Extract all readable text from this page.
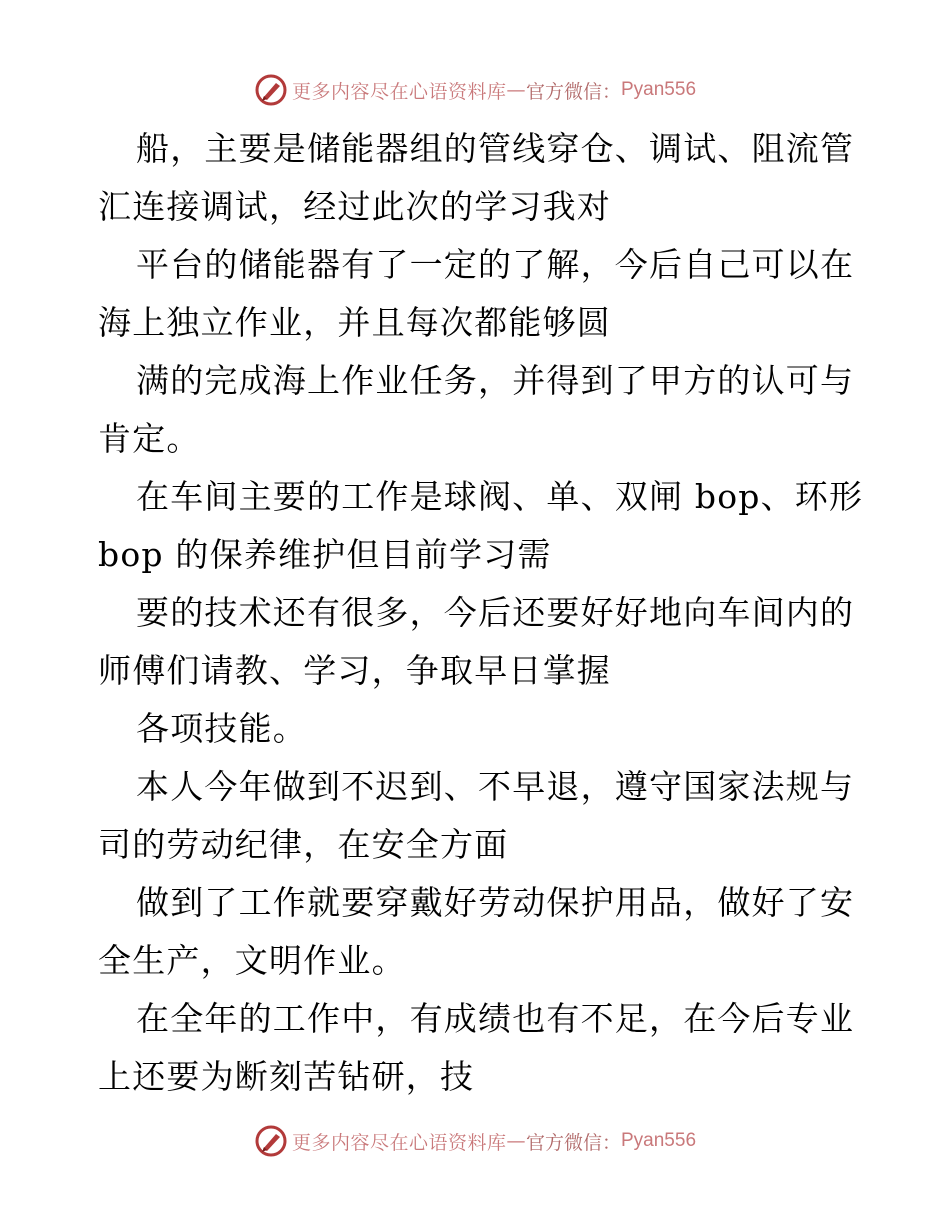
更多内容尽在心语资料库 — 官方微信： Pyan556
船，主要是储能器组的管线穿仓、调试、阻流管
汇连接调试，经过此次的学习我对
平台的储能器有了一定的了解，今后自己可以在
海上独立作业，并且每次都能够圆
满的完成海上作业任务，并得到了甲方的认可与
肯定。
在车间主要的工作是球阀、单、双闸 bop、环形
bop 的保养维护但目前学习需
要的技术还有很多，今后还要好好地向车间内的
师傅们请教、学习，争取早日掌握
各项技能。
本人今年做到不迟到、不早退，遵守国家法规与
司的劳动纪律，在安全方面
做到了工作就要穿戴好劳动保护用品，做好了安
全生产，文明作业。
在全年的工作中，有成绩也有不足，在今后专业
上还要为断刻苦钻研，技
更多内容尽在心语资料库 — 官方微信： Pyan556
